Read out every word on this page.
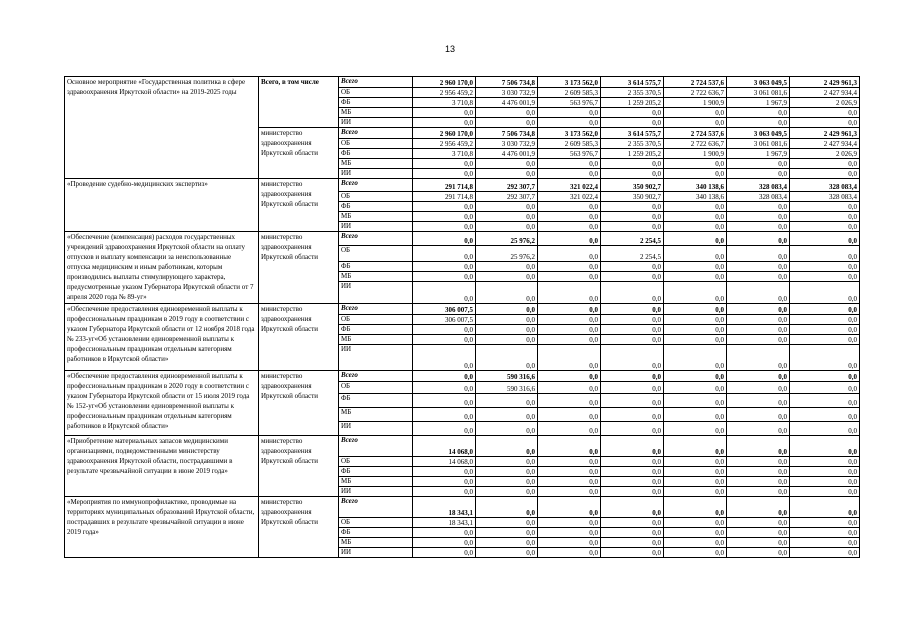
13
Основное мероприятие «Государственная политика в сфере здравоохранения Иркутской области» на 2019-2025 годы	Всего, в том числе	Всего	2 960 170,0	7 506 734,8	3 173 562,0	3 614 575,7	2 724 537,6	3 063 049,5	2 429 961,3
		ОБ	2 956 459,2	3 030 732,9	2 609 585,3	2 355 370,5	2 722 636,7	3 061 081,6	2 427 934,4
		ФБ	3 710,8	4 476 001,9	563 976,7	1 259 205,2	1 900,9	1 967,9	2 026,9
		МБ	0,0	0,0	0,0	0,0	0,0	0,0	0,0
		ИИ	0,0	0,0	0,0	0,0	0,0	0,0	0,0
	министерство здравоохранения Иркутской области	Всего	2 960 170,0	7 506 734,8	3 173 562,0	3 614 575,7	2 724 537,6	3 063 049,5	2 429 961,3
		ОБ	2 956 459,2	3 030 732,9	2 609 585,3	2 355 370,5	2 722 636,7	3 061 081,6	2 427 934,4
		ФБ	3 710,8	4 476 001,9	563 976,7	1 259 205,2	1 900,9	1 967,9	2 026,9
		МБ	0,0	0,0	0,0	0,0	0,0	0,0	0,0
		ИИ	0,0	0,0	0,0	0,0	0,0	0,0	0,0
«Проведение судебно-медицинских экспертиз»	министерство здравоохранения Иркутской области	Всего	291 714,8	292 307,7	321 022,4	350 902,7	340 138,6	328 083,4	328 083,4
		ОБ	291 714,8	292 307,7	321 022,4	350 902,7	340 138,6	328 083,4	328 083,4
		ФБ	0,0	0,0	0,0	0,0	0,0	0,0	0,0
		МБ	0,0	0,0	0,0	0,0	0,0	0,0	0,0
		ИИ	0,0	0,0	0,0	0,0	0,0	0,0	0,0
«Обеспечение (компенсация) расходов государственных учреждений здравоохранения Иркутской области на оплату отпусков и выплату компенсации за неиспользованные отпуска медицинским и иным работникам, которым производились выплаты стимулирующего характера, предусмотренные указом Губернатора Иркутской области от 7 апреля 2020 года № 89-уг»	министерство здравоохранения Иркутской области	Всего	0,0	25 976,2	0,0	2 254,5	0,0	0,0	0,0
		ОБ	0,0	25 976,2	0,0	2 254,5	0,0	0,0	0,0
		ФБ	0,0	0,0	0,0	0,0	0,0	0,0	0,0
		МБ	0,0	0,0	0,0	0,0	0,0	0,0	0,0
		ИИ	0,0	0,0	0,0	0,0	0,0	0,0	0,0
«Обеспечение предоставления единовременной выплаты к профессиональным праздникам в 2019 году в соответствии с указом Губернатора Иркутской области от 12 ноября 2018 года № 233-уг«Об установлении единовременной выплаты к профессиональным праздникам отдельным категориям работников в Иркутской области»	министерство здравоохранения Иркутской области	Всего	306 007,5	0,0	0,0	0,0	0,0	0,0	0,0
		ОБ	306 007,5	0,0	0,0	0,0	0,0	0,0	0,0
		ФБ	0,0	0,0	0,0	0,0	0,0	0,0	0,0
		МБ	0,0	0,0	0,0	0,0	0,0	0,0	0,0
		ИИ	0,0	0,0	0,0	0,0	0,0	0,0	0,0
«Обеспечение предоставления единовременной выплаты к профессиональным праздникам в 2020 году в соответствии с указом Губернатора Иркутской области от 15 июля 2019 года № 152-уг«Об установлении единовременной выплаты к профессиональным праздникам отдельным категориям работников в Иркутской области»	министерство здравоохранения Иркутской области	Всего	0,0	590 316,6	0,0	0,0	0,0	0,0	0,0
		ОБ	0,0	590 316,6	0,0	0,0	0,0	0,0	0,0
		ФБ	0,0	0,0	0,0	0,0	0,0	0,0	0,0
		МБ	0,0	0,0	0,0	0,0	0,0	0,0	0,0
		ИИ	0,0	0,0	0,0	0,0	0,0	0,0	0,0
«Приобретение материальных запасов медицинскими организациями, подведомственными министерству здравоохранения Иркутской области, пострадавшими в результате чрезвычайной ситуации в июне 2019 года»	министерство здравоохранения Иркутской области	Всего	14 068,0	0,0	0,0	0,0	0,0	0,0	0,0
		ОБ	14 068,0	0,0	0,0	0,0	0,0	0,0	0,0
		ФБ	0,0	0,0	0,0	0,0	0,0	0,0	0,0
		МБ	0,0	0,0	0,0	0,0	0,0	0,0	0,0
		ИИ	0,0	0,0	0,0	0,0	0,0	0,0	0,0
«Мероприятия по иммунопрофилактике, проводимые на территориях муниципальных образований Иркутской области, пострадавших в результате чрезвычайной ситуации в июне 2019 года»	министерство здравоохранения Иркутской области	Всего	18 343,1	0,0	0,0	0,0	0,0	0,0	0,0
		ОБ	18 343,1	0,0	0,0	0,0	0,0	0,0	0,0
		ФБ	0,0	0,0	0,0	0,0	0,0	0,0	0,0
		МБ	0,0	0,0	0,0	0,0	0,0	0,0	0,0
		ИИ	0,0	0,0	0,0	0,0	0,0	0,0	0,0
